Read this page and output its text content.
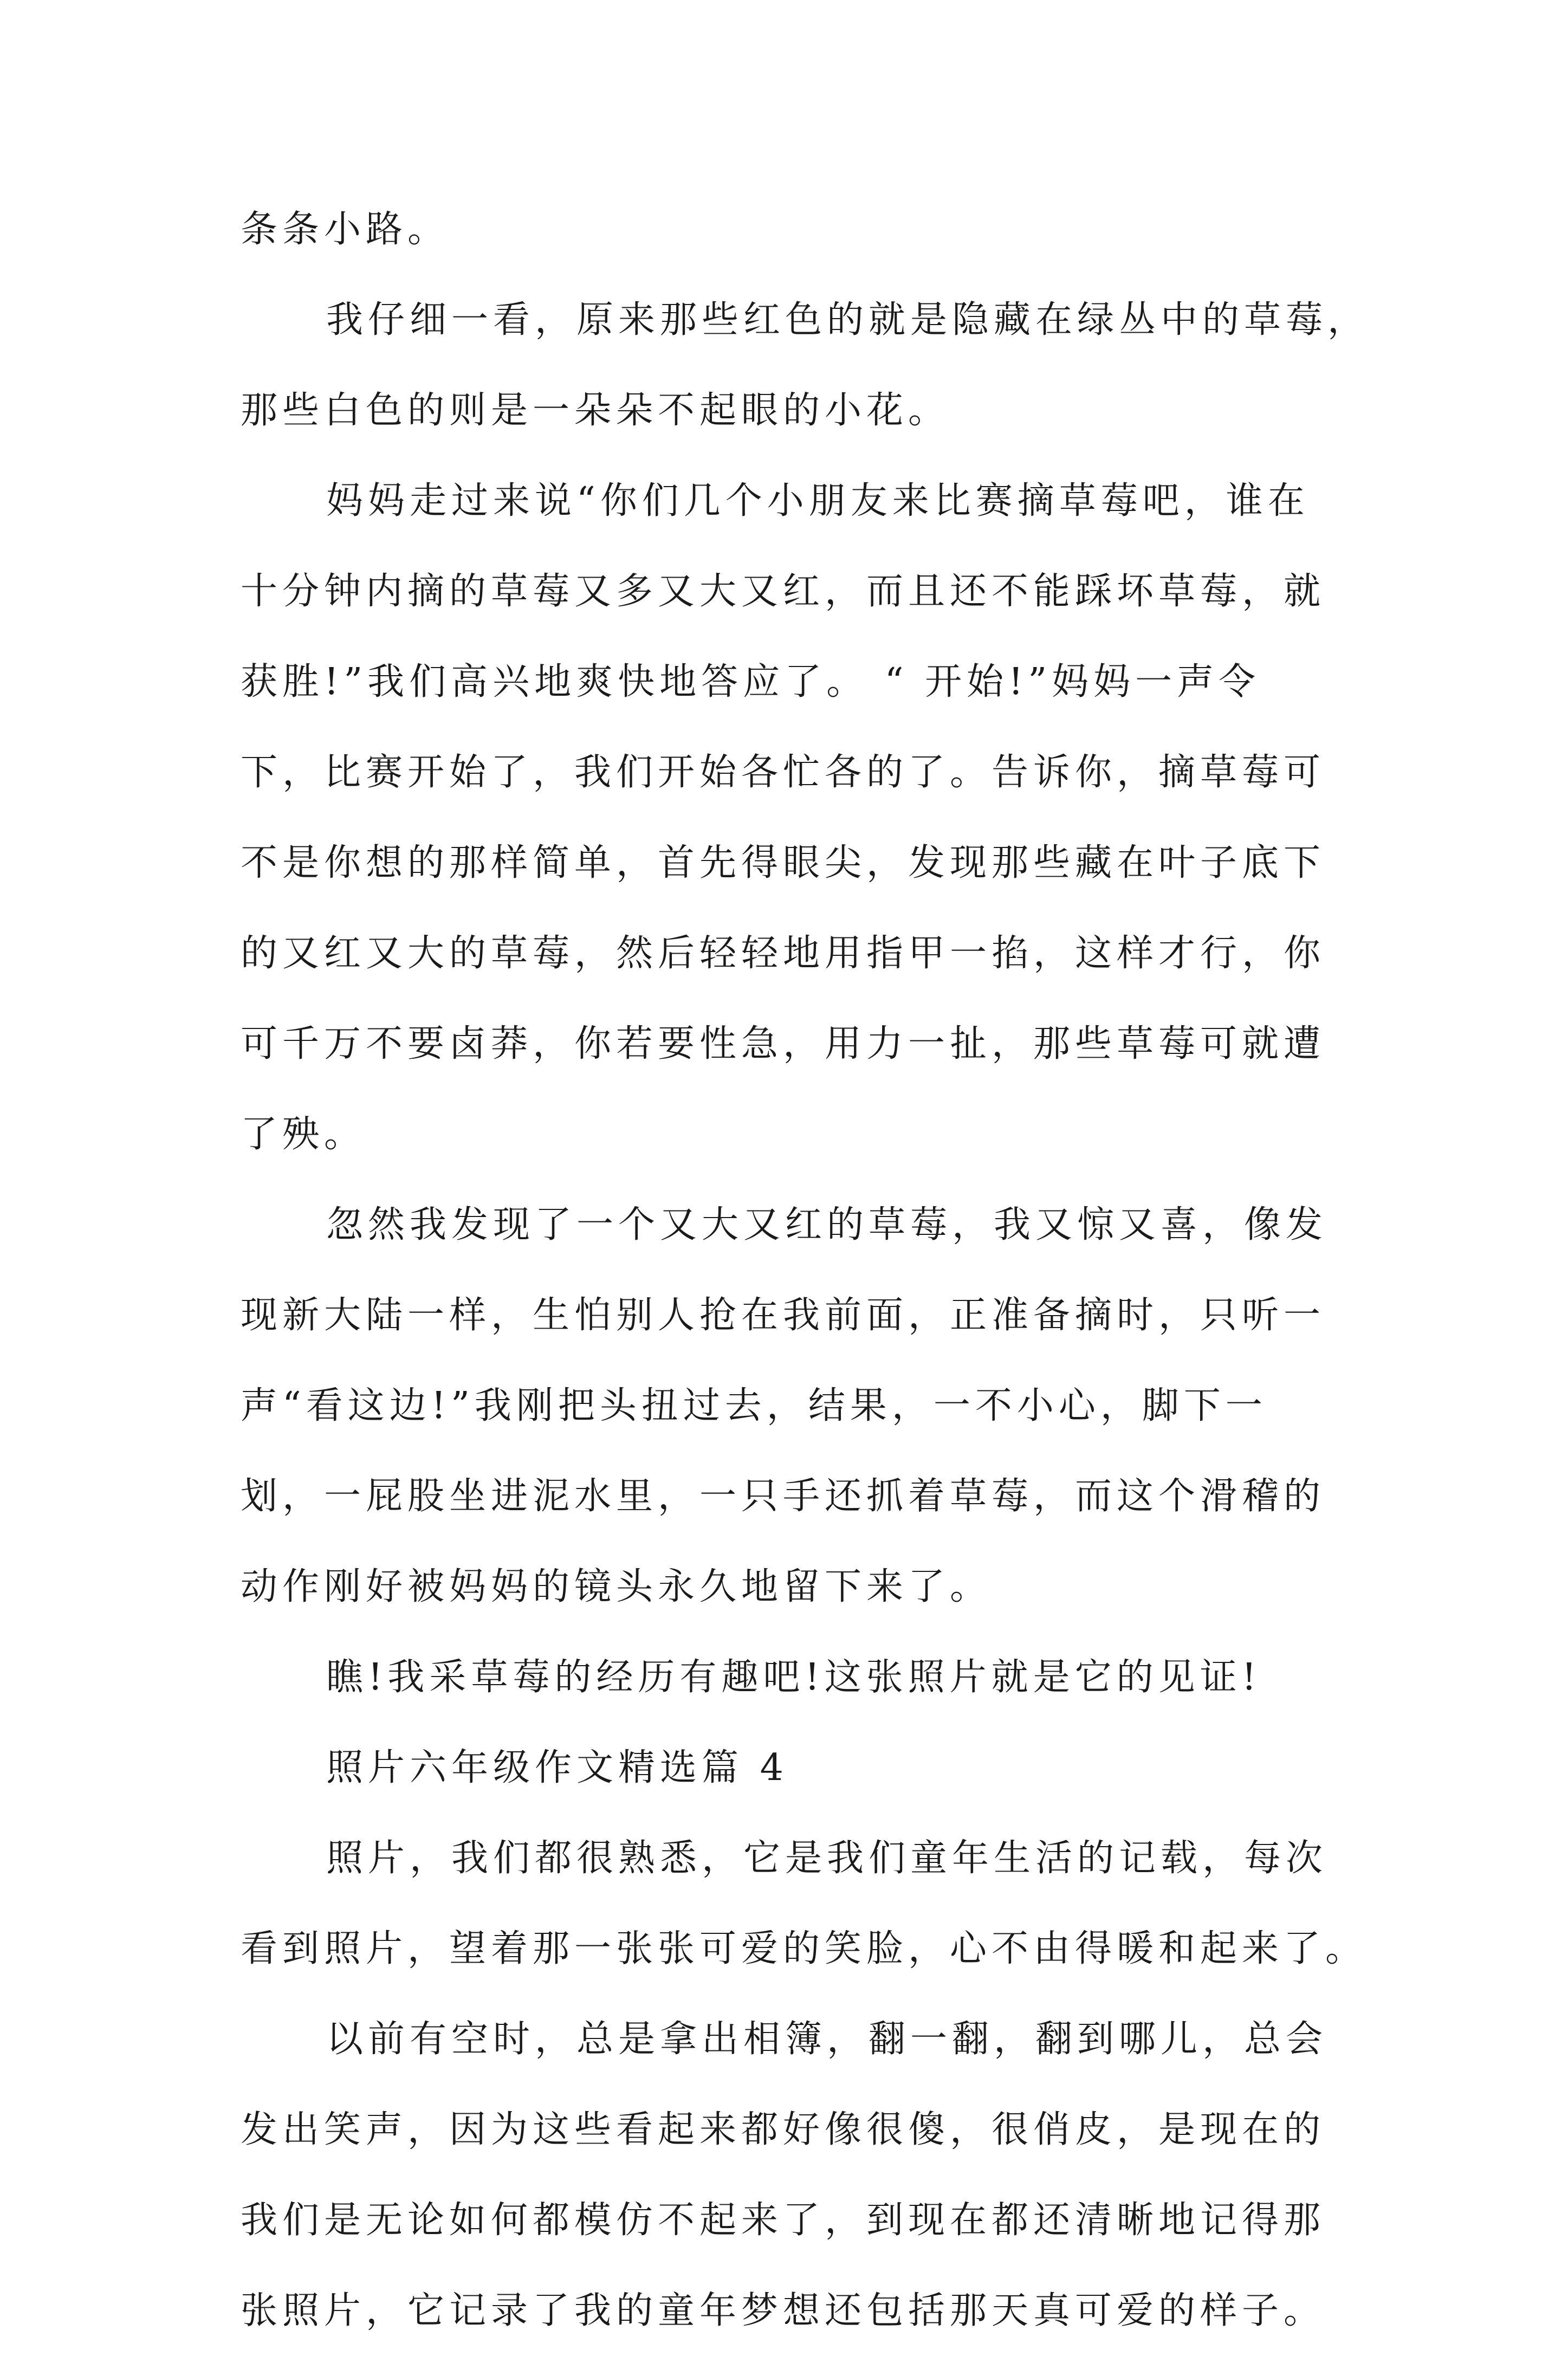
条条小路。
我仔细一看，原来那些红色的就是隐藏在绿丛中的草莓，
那些白色的则是一朵朵不起眼的小花。
妈妈走过来说“你们几个小朋友来比赛摘草莓吧，谁在
十分钟内摘的草莓又多又大又红，而且还不能踩坏草莓，就
获胜!”我们高兴地爽快地答应了。 “ 开始!”妈妈一声令
下，比赛开始了，我们开始各忙各的了。告诉你，摘草莓可
不是你想的那样简单，首先得眼尖，发现那些藏在叶子底下
的又红又大的草莓，然后轻轻地用指甲一掐，这样才行，你
可千万不要卤莽，你若要性急，用力一扯，那些草莓可就遭
了殃。
忽然我发现了一个又大又红的草莓，我又惊又喜，像发
现新大陆一样，生怕别人抢在我前面，正准备摘时，只听一
声“看这边!”我刚把头扭过去，结果，一不小心，脚下一
划，一屁股坐进泥水里，一只手还抓着草莓，而这个滑稽的
动作刚好被妈妈的镜头永久地留下来了。
瞧!我采草莓的经历有趣吧!这张照片就是它的见证!
照片六年级作文精选篇 4
照片，我们都很熟悉，它是我们童年生活的记载，每次
看到照片，望着那一张张可爱的笑脸，心不由得暖和起来了。
以前有空时，总是拿出相簿，翻一翻，翻到哪儿，总会
发出笑声，因为这些看起来都好像很傻，很俏皮，是现在的
我们是无论如何都模仿不起来了，到现在都还清晰地记得那
张照片，它记录了我的童年梦想还包括那天真可爱的样子。
